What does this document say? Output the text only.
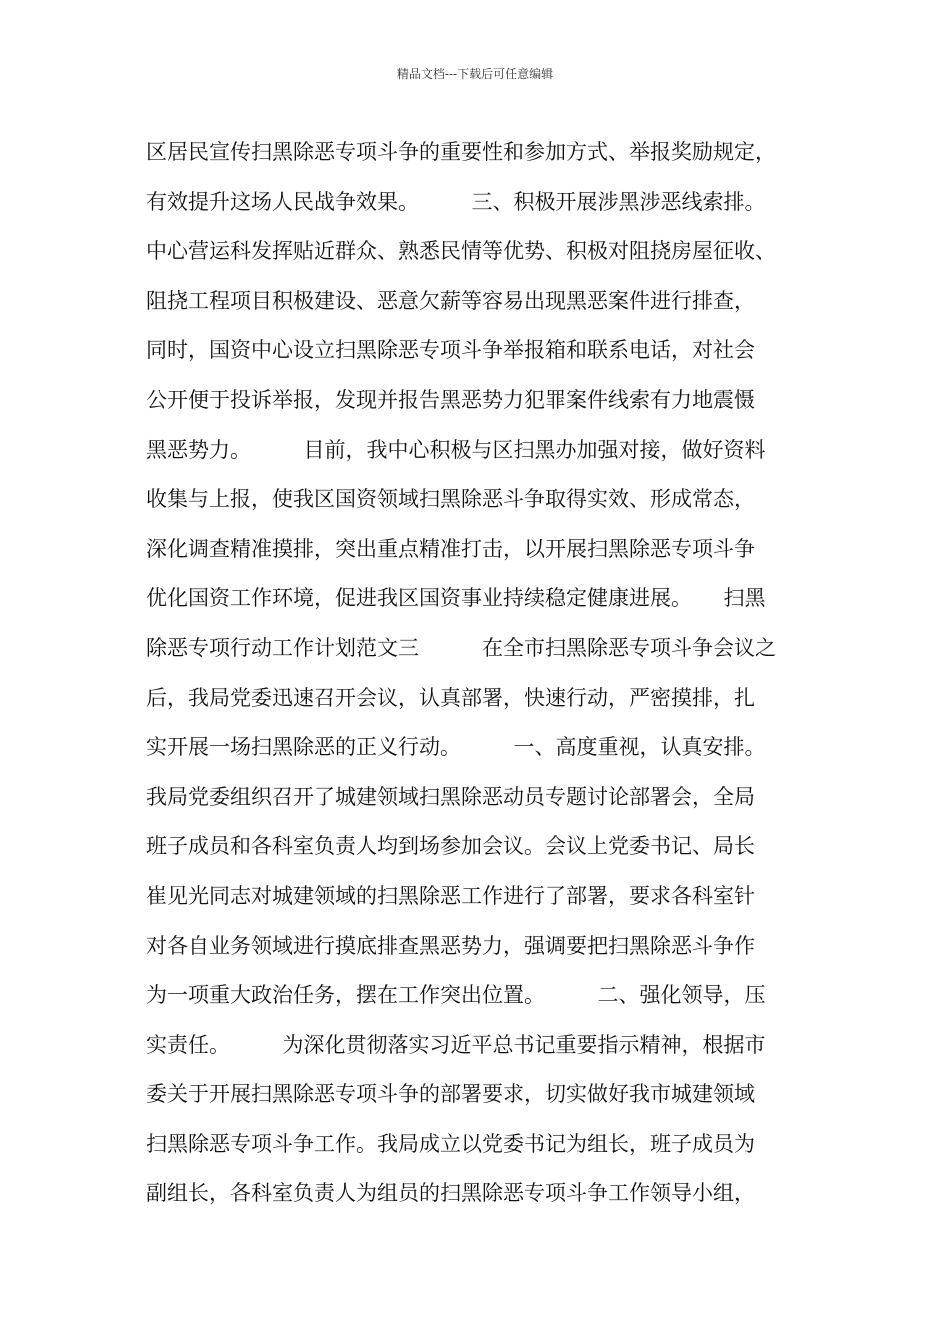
精品文档---下载后可任意编辑
区居民宣传扫黑除恶专项斗争的重要性和参加方式、举报奖励规定，
有效提升这场人民战争效果。　　　三、积极开展涉黑涉恶线索排。
中心营运科发挥贴近群众、熟悉民情等优势、积极对阻挠房屋征收、
阻挠工程项目积极建设、恶意欠薪等容易出现黑恶案件进行排查，
同时，国资中心设立扫黑除恶专项斗争举报箱和联系电话，对社会
公开便于投诉举报，发现并报告黑恶势力犯罪案件线索有力地震慑
黑恶势力。　　　目前，我中心积极与区扫黑办加强对接，做好资料
收集与上报，使我区国资领域扫黑除恶斗争取得实效、形成常态，
深化调查精准摸排，突出重点精准打击，以开展扫黑除恶专项斗争
优化国资工作环境，促进我区国资事业持续稳定健康进展。　　扫黑
除恶专项行动工作计划范文三　　　在全市扫黑除恶专项斗争会议之
后，我局党委迅速召开会议，认真部署，快速行动，严密摸排，扎
实开展一场扫黑除恶的正义行动。　　　一、高度重视，认真安排。
我局党委组织召开了城建领域扫黑除恶动员专题讨论部署会，全局
班子成员和各科室负责人均到场参加会议。会议上党委书记、局长
崔见光同志对城建领域的扫黑除恶工作进行了部署，要求各科室针
对各自业务领域进行摸底排查黑恶势力，强调要把扫黑除恶斗争作
为一项重大政治任务，摆在工作突出位置。　　　二、强化领导，压
实责任。　　　为深化贯彻落实习近平总书记重要指示精神，根据市
委关于开展扫黑除恶专项斗争的部署要求，切实做好我市城建领域
扫黑除恶专项斗争工作。我局成立以党委书记为组长，班子成员为
副组长，各科室负责人为组员的扫黑除恶专项斗争工作领导小组，
